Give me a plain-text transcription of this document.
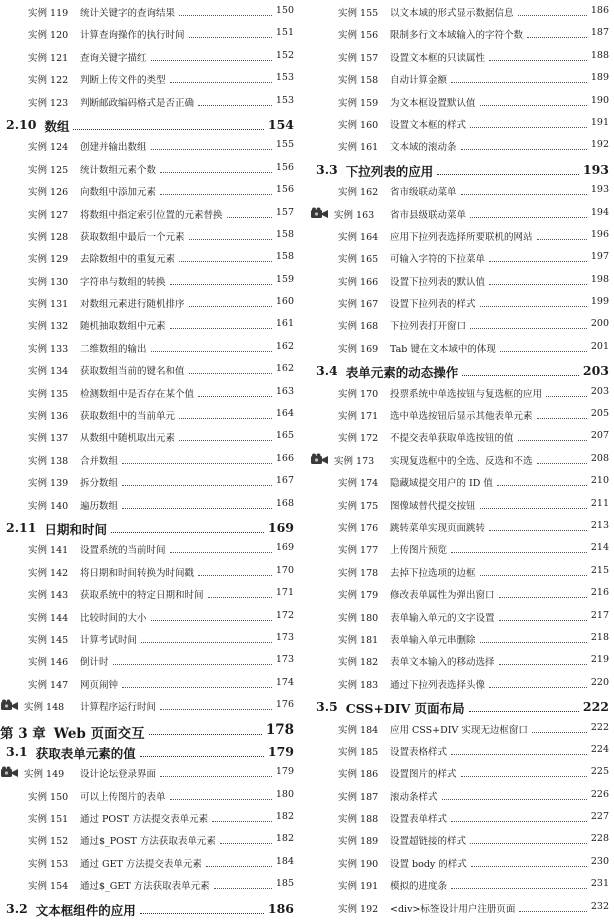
实例 119 统计关键字的查询结果	150
实例 120 计算查询操作的执行时间	151
实例 121 查询关键字描红	152
实例 122 判断上传文件的类型	153
实例 123 判断邮政编码格式是否正确	153
2.10 数组	154
实例 124 创建并输出数组	155
实例 125 统计数组元素个数	156
实例 126 向数组中添加元素	156
实例 127 将数组中指定索引位置的元素替换	157
实例 128 获取数组中最后一个元素	158
实例 129 去除数组中的重复元素	158
实例 130 字符串与数组的转换	159
实例 131 对数组元素进行随机排序	160
实例 132 随机抽取数组中元素	161
实例 133 二维数组的输出	162
实例 134 获取数组当前的键名和值	162
实例 135 检测数组中是否存在某个值	163
实例 136 获取数组中的当前单元	164
实例 137 从数组中随机取出元素	165
实例 138 合并数组	166
实例 139 拆分数组	167
实例 140 遍历数组	168
2.11 日期和时间	169
实例 141 设置系统的当前时间	169
实例 142 将日期和时间转换为时间戳	170
实例 143 获取系统中的特定日期和时间	171
实例 144 比较时间的大小	172
实例 145 计算考试时间	173
实例 146 倒计时	173
实例 147 网页闹钟	174
实例 148 计算程序运行时间	176
第 3 章 Web 页面交互	178
3.1 获取表单元素的值	179
实例 149 设计论坛登录界面	179
实例 150 可以上传图片的表单	180
实例 151 通过 POST 方法提交表单元素	182
实例 152 通过$_POST 方法获取表单元素	182
实例 153 通过 GET 方法提交表单元素	184
实例 154 通过$_GET 方法获取表单元素	185
3.2 文本框组件的应用	186
实例 155 以文本域的形式显示数据信息	186
实例 156 限制多行文本域输入的字符个数	187
实例 157 设置文本框的只读属性	188
实例 158 自动计算金额	189
实例 159 为文本框设置默认值	190
实例 160 设置文本框的样式	191
实例 161 文本域的滚动条	192
3.3 下拉列表的应用	193
实例 162 省市级联动菜单	193
实例 163 省市县级联动菜单	194
实例 164 应用下拉列表选择所要联机的网站	196
实例 165 可输入字符的下拉菜单	197
实例 166 设置下拉列表的默认值	198
实例 167 设置下拉列表的样式	199
实例 168 下拉列表打开窗口	200
实例 169 Tab 键在文本域中的体现	201
3.4 表单元素的动态操作	203
实例 170 投票系统中单选按钮与复选框的应用	203
实例 171 选中单选按钮后显示其他表单元素	205
实例 172 不提交表单获取单选按钮的值	207
实例 173 实现复选框中的全选、反选和不选	208
实例 174 隐藏域提交用户的 ID 值	210
实例 175 图像域替代提交按钮	211
实例 176 跳转菜单实现页面跳转	213
实例 177 上传图片预览	214
实例 178 去掉下拉选项的边框	215
实例 179 修改表单属性为弹出窗口	216
实例 180 表单输入单元的文字设置	217
实例 181 表单输入单元串删除	218
实例 182 表单文本输入的移动选择	219
实例 183 通过下拉列表选择头像	220
3.5 CSS+DIV 页面布局	222
实例 184 应用 CSS+DIV 实现无边框窗口	222
实例 185 设置表格样式	224
实例 186 设置图片的样式	225
实例 187 滚动条样式	226
实例 188 设置表单样式	227
实例 189 设置超链接的样式	228
实例 190 设置 body 的样式	230
实例 191 模拟的进度条	231
实例 192 <div>标签设计用户注册页面	232
